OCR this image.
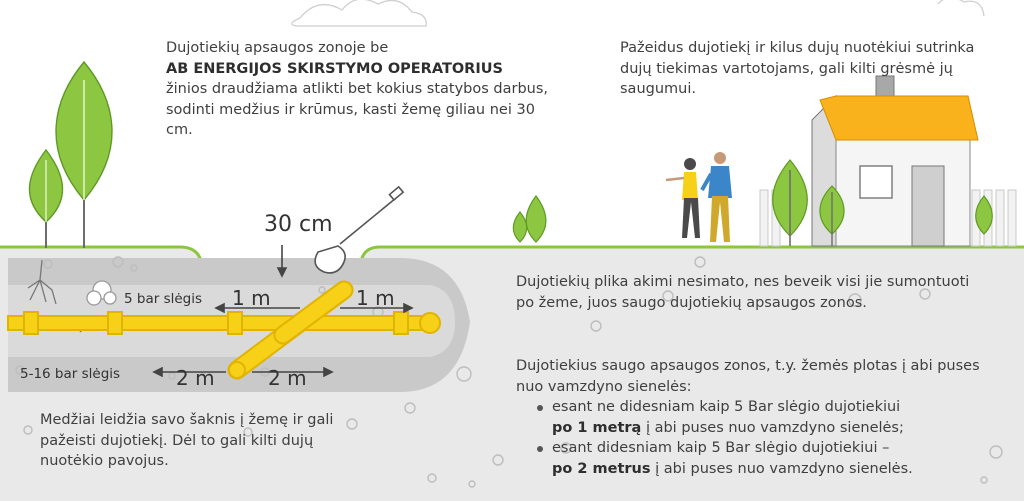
Dujotiekių apsaugos zonoje be
AB ENERGIJOS SKIRSTYMO OPERATORIUS
žinios draudžiama atlikti bet kokius statybos darbus, sodinti medžius ir krūmus, kasti žemę giliau nei 30 cm.
Pažeidus dujotiekį ir kilus dujų nuotėkiui sutrinka dujų tiekimas vartotojams, gali kilti grėsmė jų saugumui.
30 cm
5 bar slėgis
5-16 bar slėgis
1 m	1 m
2 m	2 m
Dujotiekių plika akimi nesimato, nes beveik visi jie sumontuoti po žeme, juos saugo dujotiekių apsaugos zonos.
Dujotiekius saugo apsaugos zonos, t.y. žemės plotas į abi puses nuo vamzdyno sienelės:
esant ne didesniam kaip 5 Bar slėgio dujotiekiui
po 1 metrą į abi puses nuo vamzdyno sienelės;
esant didesniam kaip 5 Bar slėgio dujotiekiui –
po 2 metrus į abi puses nuo vamzdyno sienelės.
Medžiai leidžia savo šaknis į žemę ir gali pažeisti dujotiekį. Dėl to gali kilti dujų nuotėkio pavojus.
